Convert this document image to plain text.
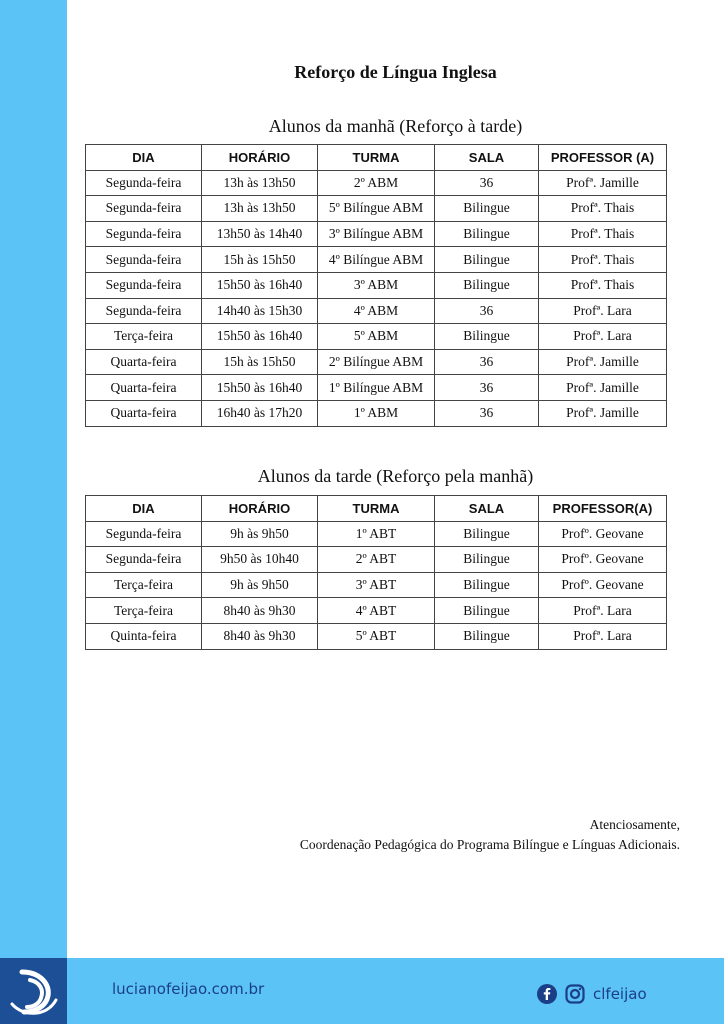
Reforço de Língua Inglesa
Alunos da manhã (Reforço à tarde)
DIA	HORÁRIO	TURMA	SALA	PROFESSOR (A)
Segunda-feira	13h às 13h50	2º ABM	36	Profª. Jamille
Segunda-feira	13h às 13h50	5º Bilíngue ABM	Bilingue	Profª. Thais
Segunda-feira	13h50 às 14h40	3º Bilíngue ABM	Bilingue	Profª. Thais
Segunda-feira	15h às 15h50	4º Bilíngue ABM	Bilingue	Profª. Thais
Segunda-feira	15h50 às 16h40	3º ABM	Bilingue	Profª. Thais
Segunda-feira	14h40 às 15h30	4º ABM	36	Profª. Lara
Terça-feira	15h50 às 16h40	5º ABM	Bilingue	Profª. Lara
Quarta-feira	15h às 15h50	2º Bilíngue ABM	36	Profª. Jamille
Quarta-feira	15h50 às 16h40	1º Bilíngue ABM	36	Profª. Jamille
Quarta-feira	16h40 às 17h20	1º ABM	36	Profª. Jamille
Alunos da tarde (Reforço pela manhã)
DIA	HORÁRIO	TURMA	SALA	PROFESSOR(A)
Segunda-feira	9h às 9h50	1º ABT	Bilingue	Profº. Geovane
Segunda-feira	9h50 às 10h40	2º ABT	Bilingue	Profº. Geovane
Terça-feira	9h às 9h50	3º ABT	Bilingue	Profº. Geovane
Terça-feira	8h40 às 9h30	4º ABT	Bilingue	Profª. Lara
Quinta-feira	8h40 às 9h30	5º ABT	Bilingue	Profª. Lara
Atenciosamente,
Coordenação Pedagógica do Programa Bilíngue e Línguas Adicionais.
lucianofeijao.com.br	clfeijao
